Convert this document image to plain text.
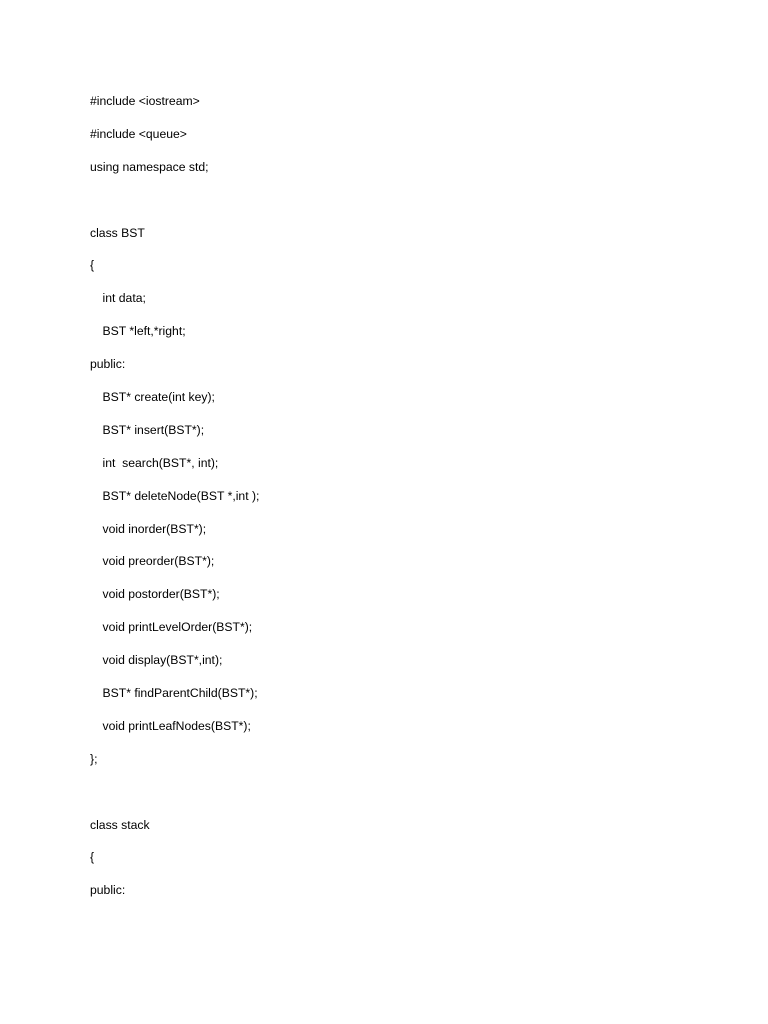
#include <iostream>
#include <queue>
using namespace std;
class BST
{
int data;
BST *left,*right;
public:
BST* create(int key);
BST* insert(BST*);
int  search(BST*, int);
BST* deleteNode(BST *,int );
void inorder(BST*);
void preorder(BST*);
void postorder(BST*);
void printLevelOrder(BST*);
void display(BST*,int);
BST* findParentChild(BST*);
void printLeafNodes(BST*);
};
class stack
{
public:
